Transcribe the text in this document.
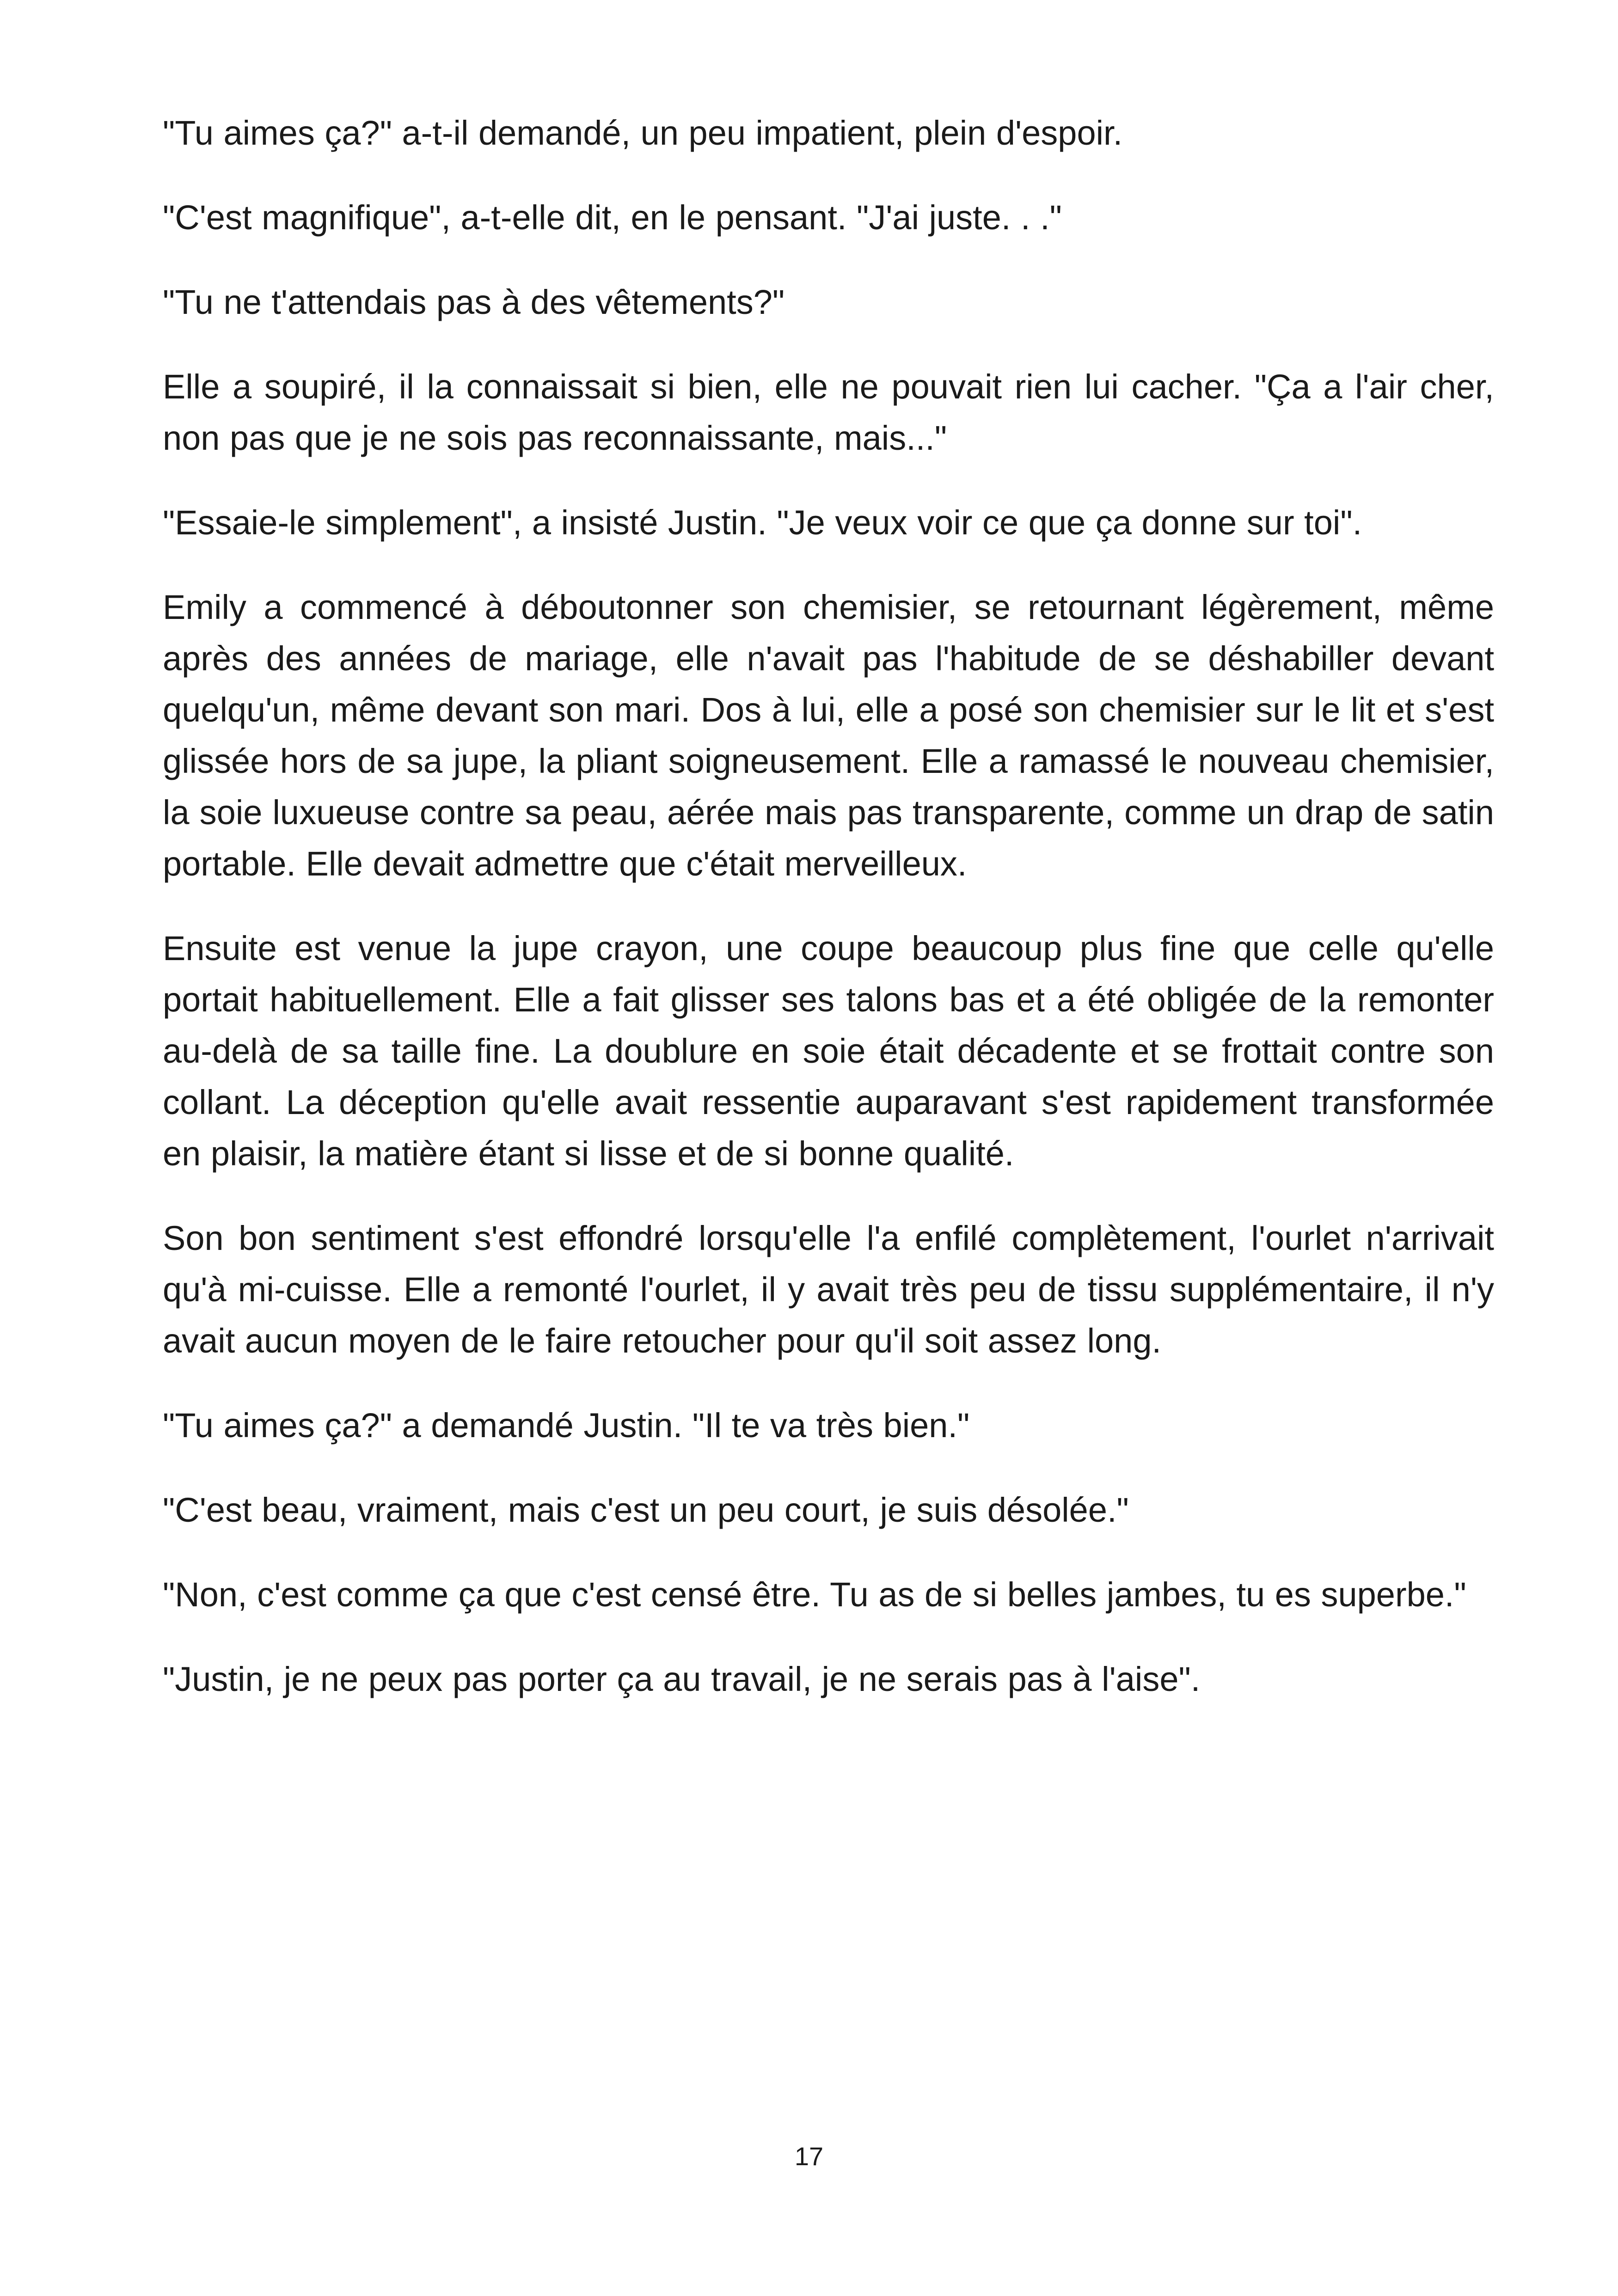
"Tu aimes ça?" a-t-il demandé, un peu impatient, plein d'espoir.

"C'est magnifique", a-t-elle dit, en le pensant. "J'ai juste. . ."

"Tu ne t'attendais pas à des vêtements?"

Elle a soupiré, il la connaissait si bien, elle ne pouvait rien lui cacher. "Ça a l'air cher, non pas que je ne sois pas reconnaissante, mais..."

"Essaie-le simplement", a insisté Justin. "Je veux voir ce que ça donne sur toi".

Emily a commencé à déboutonner son chemisier, se retournant légèrement, même après des années de mariage, elle n'avait pas l'habitude de se déshabiller devant quelqu'un, même devant son mari. Dos à lui, elle a posé son chemisier sur le lit et s'est glissée hors de sa jupe, la pliant soigneusement. Elle a ramassé le nouveau chemisier, la soie luxueuse contre sa peau, aérée mais pas transparente, comme un drap de satin portable. Elle devait admettre que c'était merveilleux.

Ensuite est venue la jupe crayon, une coupe beaucoup plus fine que celle qu'elle portait habituellement. Elle a fait glisser ses talons bas et a été obligée de la remonter au-delà de sa taille fine. La doublure en soie était décadente et se frottait contre son collant. La déception qu'elle avait ressentie auparavant s'est rapidement transformée en plaisir, la matière étant si lisse et de si bonne qualité.

Son bon sentiment s'est effondré lorsqu'elle l'a enfilé complètement, l'ourlet n'arrivait qu'à mi-cuisse. Elle a remonté l'ourlet, il y avait très peu de tissu supplémentaire, il n'y avait aucun moyen de le faire retoucher pour qu'il soit assez long.

"Tu aimes ça?" a demandé Justin. "Il te va très bien."

"C'est beau, vraiment, mais c'est un peu court, je suis désolée."

"Non, c'est comme ça que c'est censé être. Tu as de si belles jambes, tu es superbe."

"Justin, je ne peux pas porter ça au travail, je ne serais pas à l'aise".

17
